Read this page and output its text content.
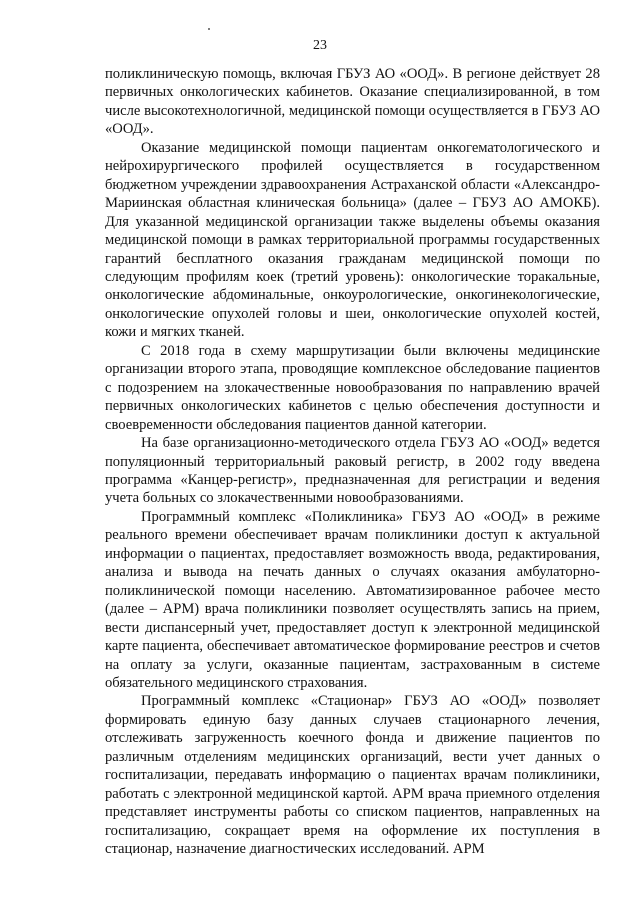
23

поликлиническую помощь, включая ГБУЗ АО «ООД». В регионе действует 28 первичных онкологических кабинетов. Оказание специализированной, в том числе высокотехнологичной, медицинской помощи осуществляется в ГБУЗ АО «ООД».

Оказание медицинской помощи пациентам онкогематологического и нейрохирургического профилей осуществляется в государственном бюджетном учреждении здравоохранения Астраханской области «Александро-Мариинская областная клиническая больница» (далее – ГБУЗ АО АМОКБ). Для указанной медицинской организации также выделены объемы оказания медицинской помощи в рамках территориальной программы государственных гарантий бесплатного оказания гражданам медицинской помощи по следующим профилям коек (третий уровень): онкологические торакальные, онкологические абдоминальные, онкоурологические, онкогинекологические, онкологические опухолей головы и шеи, онкологические опухолей костей, кожи и мягких тканей.

С 2018 года в схему маршрутизации были включены медицинские организации второго этапа, проводящие комплексное обследование пациентов с подозрением на злокачественные новообразования по направлению врачей первичных онкологических кабинетов с целью обеспечения доступности и своевременности обследования пациентов данной категории.

На базе организационно-методического отдела ГБУЗ АО «ООД» ведется популяционный территориальный раковый регистр, в 2002 году введена программа «Канцер-регистр», предназначенная для регистрации и ведения учета больных со злокачественными новообразованиями.

Программный комплекс «Поликлиника» ГБУЗ АО «ООД» в режиме реального времени обеспечивает врачам поликлиники доступ к актуальной информации о пациентах, предоставляет возможность ввода, редактирования, анализа и вывода на печать данных о случаях оказания амбулаторно-поликлинической помощи населению. Автоматизированное рабочее место (далее – АРМ) врача поликлиники позволяет осуществлять запись на прием, вести диспансерный учет, предоставляет доступ к электронной медицинской карте пациента, обеспечивает автоматическое формирование реестров и счетов на оплату за услуги, оказанные пациентам, застрахованным в системе обязательного медицинского страхования.

Программный комплекс «Стационар» ГБУЗ АО «ООД» позволяет формировать единую базу данных случаев стационарного лечения, отслеживать загруженность коечного фонда и движение пациентов по различным отделениям медицинских организаций, вести учет данных о госпитализации, передавать информацию о пациентах врачам поликлиники, работать с электронной медицинской картой. АРМ врача приемного отделения представляет инструменты работы со списком пациентов, направленных на госпитализацию, сокращает время на оформление их поступления в стационар, назначение диагностических исследований. АРМ
